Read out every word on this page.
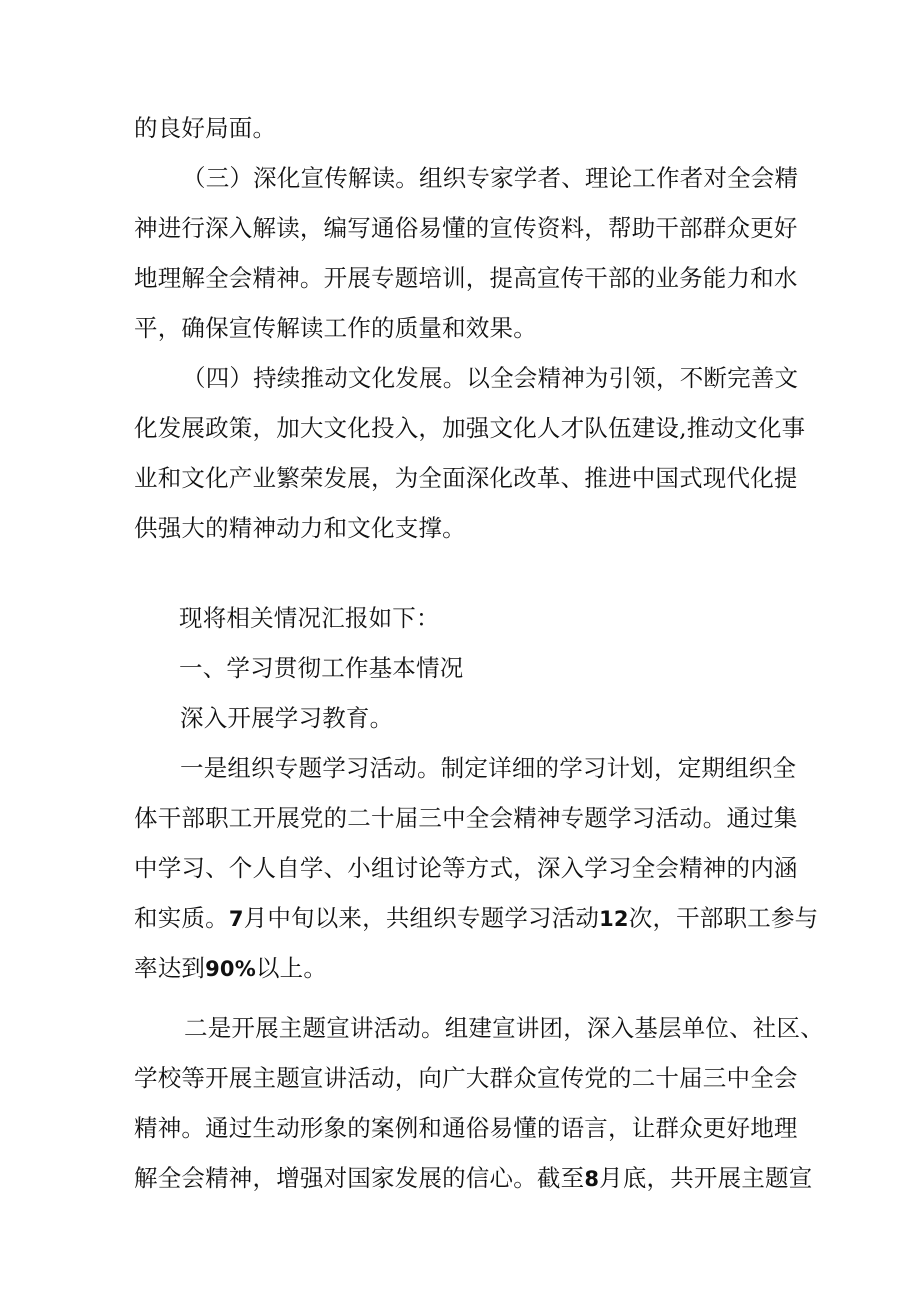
的良好局面。
（三）深化宣传解读。组织专家学者、理论工作者对全会精
神进行深入解读，编写通俗易懂的宣传资料，帮助干部群众更好
地理解全会精神。开展专题培训，提高宣传干部的业务能力和水
平，确保宣传解读工作的质量和效果。
（四）持续推动文化发展。以全会精神为引领，不断完善文
化发展政策，加大文化投入，加强文化人才队伍建设,推动文化事
业和文化产业繁荣发展，为全面深化改革、推进中国式现代化提
供强大的精神动力和文化支撑。
现将相关情况汇报如下：
一、学习贯彻工作基本情况
深入开展学习教育。
一是组织专题学习活动。制定详细的学习计划，定期组织全
体干部职工开展党的二十届三中全会精神专题学习活动。通过集
中学习、个人自学、小组讨论等方式，深入学习全会精神的内涵
和实质。7月中旬以来，共组织专题学习活动12次，干部职工参与
率达到90%以上。
二是开展主题宣讲活动。组建宣讲团，深入基层单位、社区、
学校等开展主题宣讲活动，向广大群众宣传党的二十届三中全会
精神。通过生动形象的案例和通俗易懂的语言，让群众更好地理
解全会精神，增强对国家发展的信心。截至8月底，共开展主题宣
